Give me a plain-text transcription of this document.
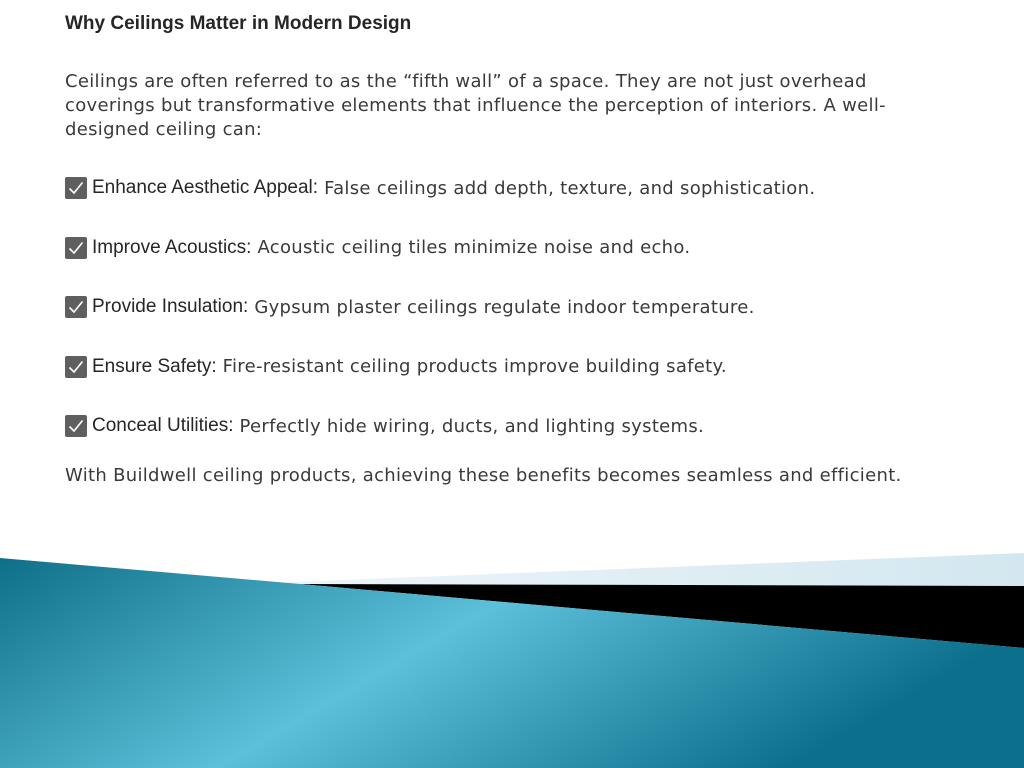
Why Ceilings Matter in Modern Design

Ceilings are often referred to as the “fifth wall” of a space. They are not just overhead coverings but transformative elements that influence the perception of interiors. A well-designed ceiling can:

Enhance Aesthetic Appeal: False ceilings add depth, texture, and sophistication.
Improve Acoustics: Acoustic ceiling tiles minimize noise and echo.
Provide Insulation: Gypsum plaster ceilings regulate indoor temperature.
Ensure Safety: Fire-resistant ceiling products improve building safety.
Conceal Utilities: Perfectly hide wiring, ducts, and lighting systems.

With Buildwell ceiling products, achieving these benefits becomes seamless and efficient.
